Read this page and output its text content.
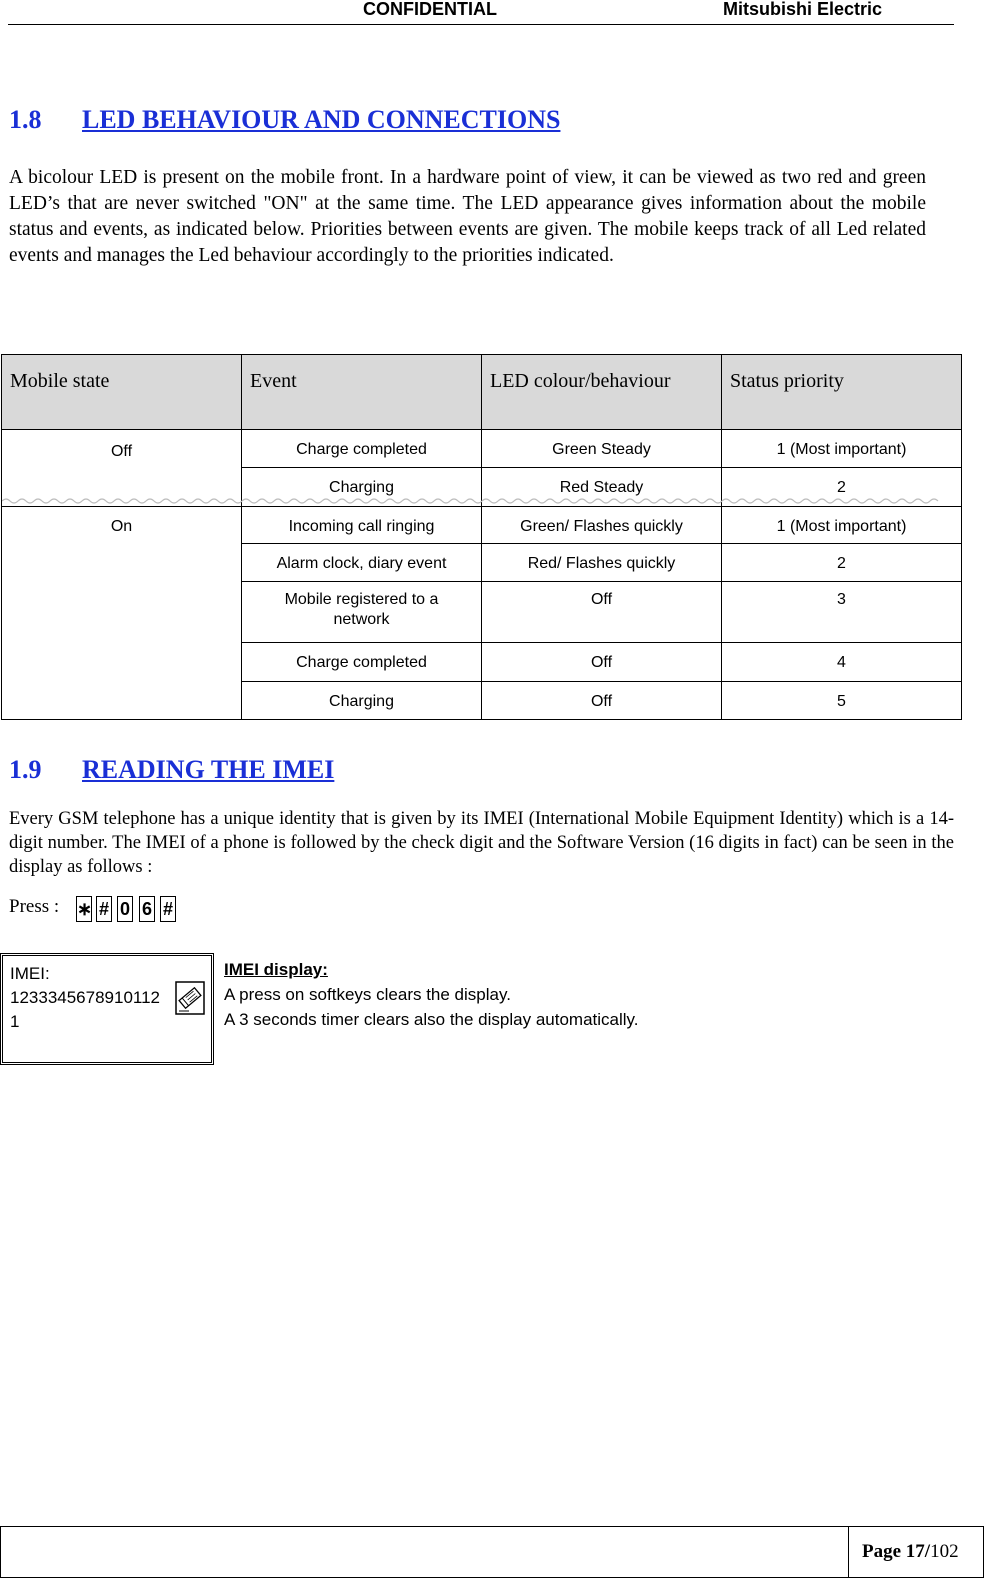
CONFIDENTIAL	Mitsubishi Electric
1.8 LED BEHAVIOUR AND CONNECTIONS
A bicolour LED is present on the mobile front. In a hardware point of view, it can be viewed as two red and green LED’s that are never switched "ON" at the same time. The LED appearance gives information about the mobile status and events, as indicated below. Priorities between events are given. The mobile keeps track of all Led related events and manages the Led behaviour accordingly to the priorities indicated.
Mobile state	Event	LED colour/behaviour	Status priority
Off	Charge completed	Green Steady	1 (Most important)
	Charging	Red Steady	2
On	Incoming call ringing	Green/ Flashes quickly	1 (Most important)
	Alarm clock, diary event	Red/ Flashes quickly	2

	Mobile registered to a network	Off	3
	Charge completed	Off	4
	Charging	Off	5
1.9 READING THE IMEI
Every GSM telephone has a unique identity that is given by its IMEI (International Mobile Equipment Identity) which is a 14-digit number. The IMEI of a phone is followed by the check digit and the Software Version (16 digits in fact) can be seen in the display as follows :
Press : ∗ # 0 6 #
IMEI:
1233345678910112
1
IMEI display:
A press on softkeys clears the display.
A 3 seconds timer clears also the display automatically.
Page 17/102
